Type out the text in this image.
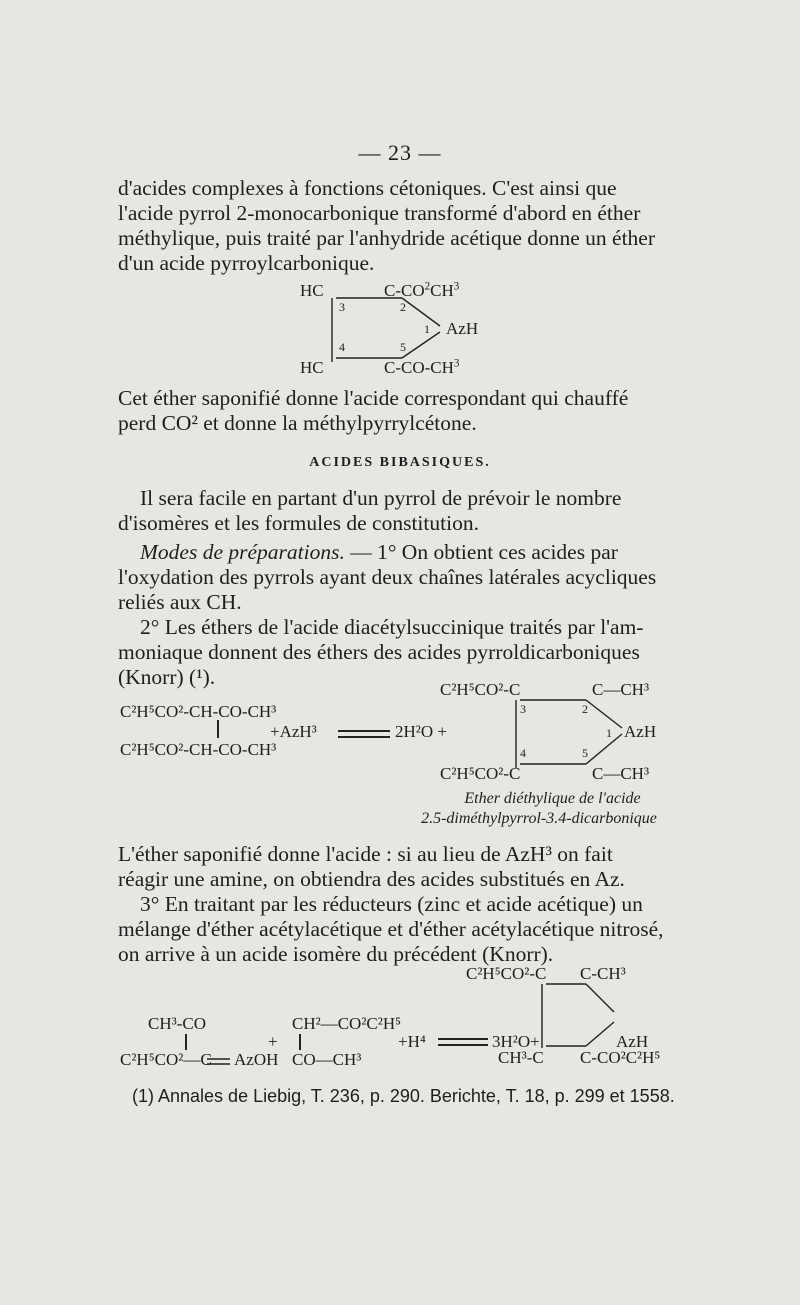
— 23 —
d'acides complexes à fonctions cétoniques. C'est ainsi que
l'acide pyrrol 2-monocarbonique transformé d'abord en éther
méthylique, puis traité par l'anhydride acétique donne un éther
d'un acide pyrroylcarbonique.
HC	$C-CO^2CH^3$
AzH
HC	$C-CO-CH^3$
3	2
1
4	5
Cet éther saponifié donne l'acide correspondant qui chauffé
perd CO² et donne la méthylpyrrylcétone.
ACIDES BIBASIQUES.
Il sera facile en partant d'un pyrrol de prévoir le nombre
d'isomères et les formules de constitution.
Modes de préparations. — 1° On obtient ces acides par
l'oxydation des pyrrols ayant deux chaînes latérales acycliques
reliés aux CH.
2° Les éthers de l'acide diacétylsuccinique traités par l'am-
moniaque donnent des éthers des acides pyrroldicarboniques
(Knorr) (¹).
C²H⁵CO²-CH-CO-CH³
C²H⁵CO²-CH-CO-CH³
+AzH³	2H²O +
C²H⁵CO²-C	C—CH³
AzH
C²H⁵CO²-C	C—CH³
3	2
1
4	5
Ether diéthylique de l'acide
2.5-diméthylpyrrol-3.4-dicarbonique
L'éther saponifié donne l'acide : si au lieu de AzH³ on fait
réagir une amine, on obtiendra des acides substitués en Az.
3° En traitant par les réducteurs (zinc et acide acétique) un
mélange d'éther acétylacétique et d'éther acétylacétique nitrosé,
on arrive à un acide isomère du précédent (Knorr).
C²H⁵CO²-C C-CH³
CH³-CO	CH²—CO²C²H⁵
C²H⁵CO²—C AzOH CO—CH³
+	+H⁴	3H²O+	AzH
CH³-C C-CO²C²H⁵
(1) Annales de Liebig, T. 236, p. 290. Berichte, T. 18, p. 299 et 1558.
